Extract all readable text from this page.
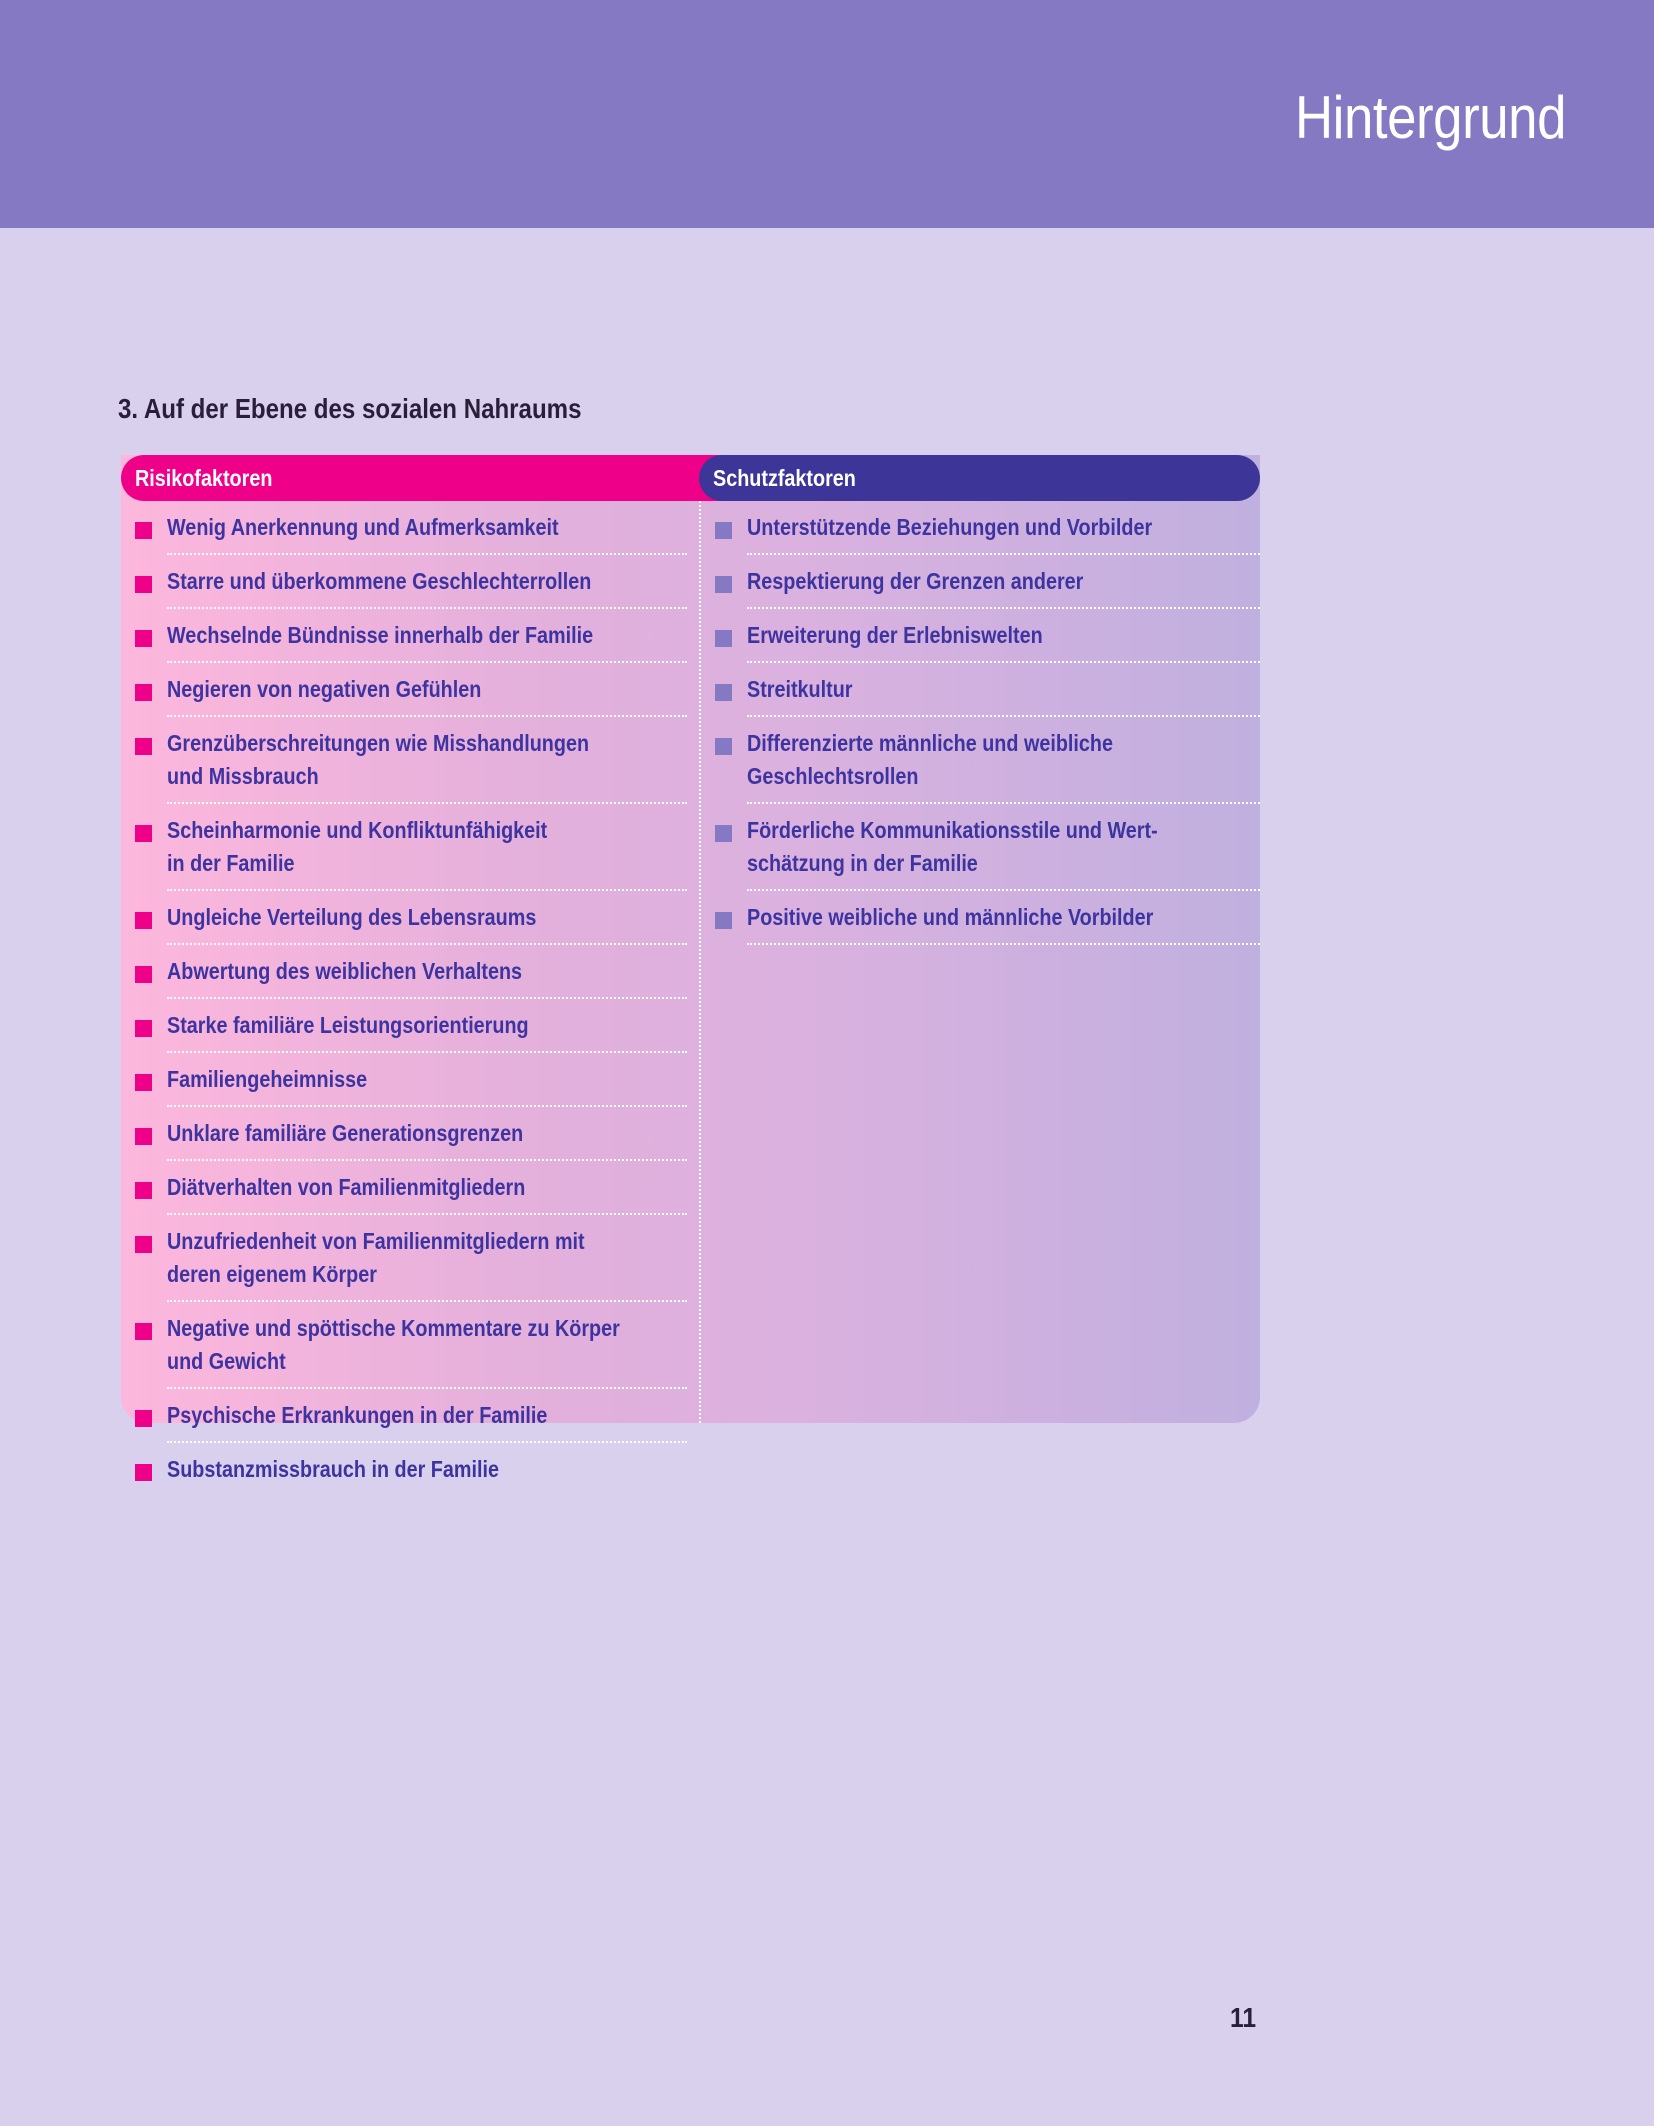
Hintergrund
3. Auf der Ebene des sozialen Nahraums
Risikofaktoren	Schutzfaktoren
Wenig Anerkennung und Aufmerksamkeit
Starre und überkommene Geschlechterrollen
Wechselnde Bündnisse innerhalb der Familie
Negieren von negativen Gefühlen
Grenzüberschreitungen wie Misshandlungen
und Missbrauch
Scheinharmonie und Konfliktunfähigkeit
in der Familie
Ungleiche Verteilung des Lebensraums
Abwertung des weiblichen Verhaltens
Starke familiäre Leistungsorientierung
Familiengeheimnisse
Unklare familiäre Generationsgrenzen
Diätverhalten von Familienmitgliedern
Unzufriedenheit von Familienmitgliedern mit
deren eigenem Körper
Negative und spöttische Kommentare zu Körper
und Gewicht
Psychische Erkrankungen in der Familie
Substanzmissbrauch in der Familie
Unterstützende Beziehungen und Vorbilder
Respektierung der Grenzen anderer
Erweiterung der Erlebniswelten
Streitkultur
Differenzierte männliche und weibliche
Geschlechtsrollen
Förderliche Kommunikationsstile und Wert-
schätzung in der Familie
Positive weibliche und männliche Vorbilder

11
